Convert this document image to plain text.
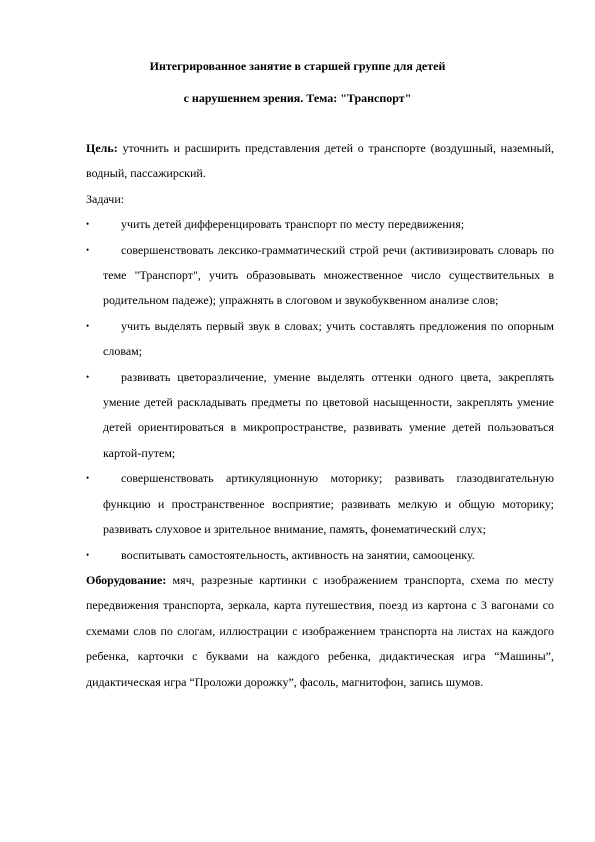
Интегрированное занятие в старшей группе для детей
с нарушением зрения. Тема: "Транспорт"

Цель: уточнить и расширить представления детей о транспорте (воздушный, наземный, водный, пассажирский.

Задачи:

•	учить детей дифференцировать транспорт по месту передвижения;
•	совершенствовать лексико-грамматический строй речи (активизировать словарь по теме "Транспорт", учить образовывать множественное число существительных в родительном падеже); упражнять в слоговом и звукобуквенном анализе слов;
•	учить выделять первый звук в словах; учить составлять предложения по опорным словам;
•	развивать цветоразличение, умение выделять оттенки одного цвета, закреплять умение детей раскладывать предметы по цветовой насыщенности, закреплять умение детей ориентироваться в микропространстве, развивать умение детей пользоваться картой-путем;
•	совершенствовать артикуляционную моторику; развивать глазодвигательную функцию и пространственное восприятие; развивать мелкую и общую моторику; развивать слуховое и зрительное внимание, память, фонематический слух;
•	воспитывать самостоятельность, активность на занятии, самооценку.

Оборудование: мяч, разрезные картинки с изображением транспорта, схема по месту передвижения транспорта, зеркала, карта путешествия, поезд из картона с 3 вагонами со схемами слов по слогам, иллюстрации с изображением транспорта на листах на каждого ребенка, карточки с буквами на каждого ребенка, дидактическая игра “Машины”, дидактическая игра “Проложи дорожку”, фасоль, магнитофон, запись шумов.
